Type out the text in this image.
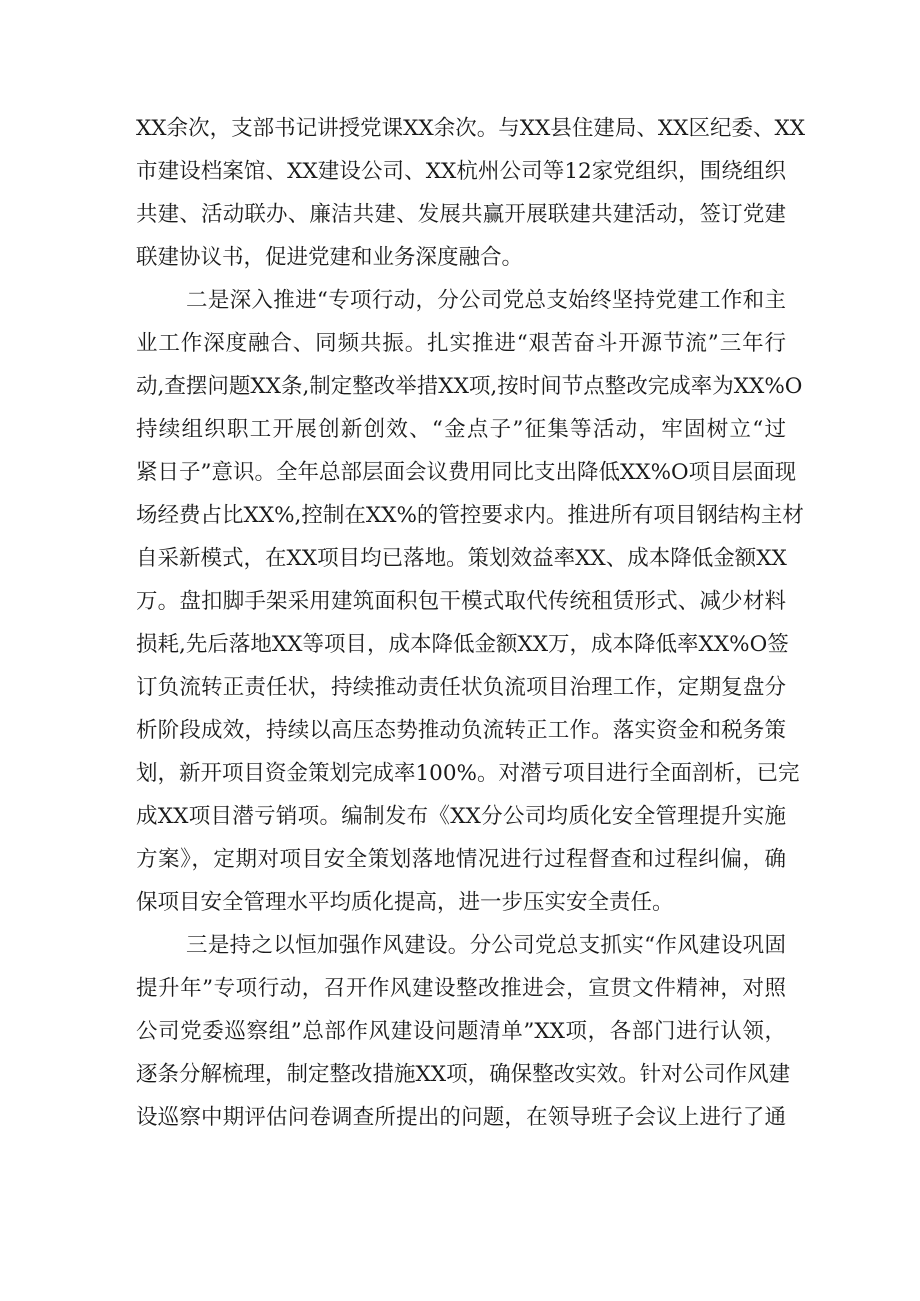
XX余次，支部书记讲授党课XX余次。与XX县住建局、XX区纪委、XX
市建设档案馆、XX建设公司、XX杭州公司等12家党组织，围绕组织
共建、活动联办、廉洁共建、发展共赢开展联建共建活动，签订党建
联建协议书，促进党建和业务深度融合。
二是深入推进“专项行动，分公司党总支始终坚持党建工作和主
业工作深度融合、同频共振。扎实推进“艰苦奋斗开源节流”三年行
动,查摆问题XX条,制定整改举措XX项,按时间节点整改完成率为XX%O
持续组织职工开展创新创效、“金点子”征集等活动，牢固树立“过
紧日子”意识。全年总部层面会议费用同比支出降低XX%O项目层面现
场经费占比XX%,控制在XX%的管控要求内。推进所有项目钢结构主材
自采新模式，在XX项目均已落地。策划效益率XX、成本降低金额XX
万。盘扣脚手架采用建筑面积包干模式取代传统租赁形式、减少材料
损耗,先后落地XX等项目，成本降低金额XX万，成本降低率XX%O签
订负流转正责任状，持续推动责任状负流项目治理工作，定期复盘分
析阶段成效，持续以高压态势推动负流转正工作。落实资金和税务策
划，新开项目资金策划完成率100%。对潜亏项目进行全面剖析，已完
成XX项目潜亏销项。编制发布《XX分公司均质化安全管理提升实施
方案》，定期对项目安全策划落地情况进行过程督查和过程纠偏，确
保项目安全管理水平均质化提高，进一步压实安全责任。
三是持之以恒加强作风建设。分公司党总支抓实“作风建设巩固
提升年”专项行动，召开作风建设整改推进会，宣贯文件精神，对照
公司党委巡察组”总部作风建设问题清单”XX项，各部门进行认领，
逐条分解梳理，制定整改措施XX项，确保整改实效。针对公司作风建
设巡察中期评估问卷调查所提出的问题，在领导班子会议上进行了通
